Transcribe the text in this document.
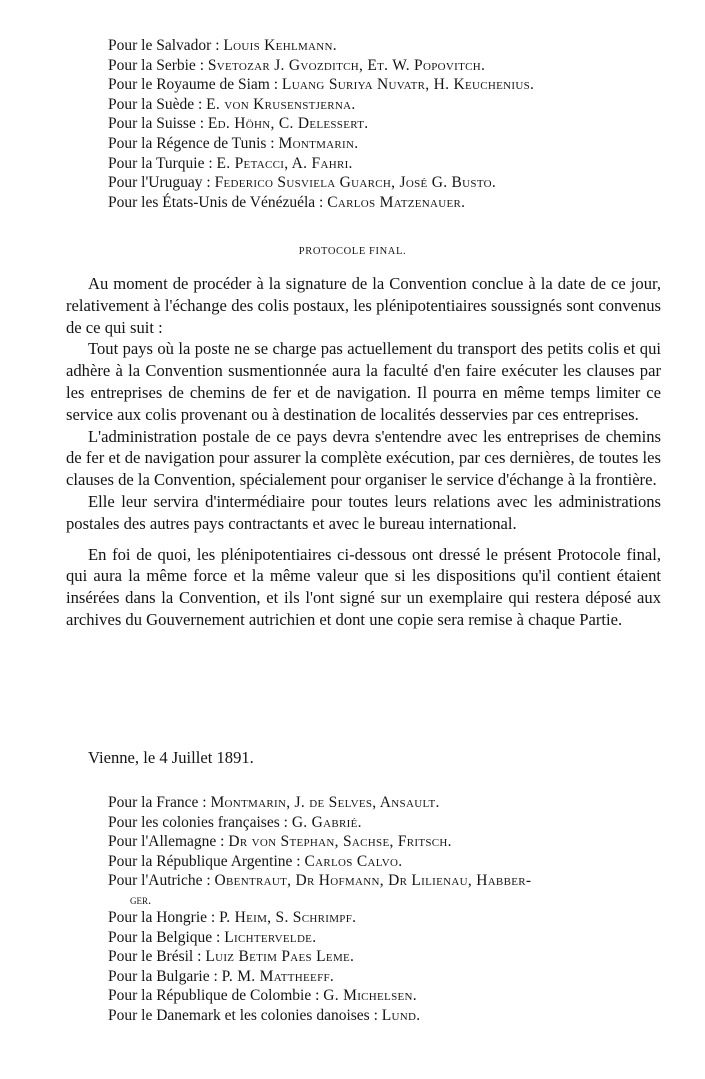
Pour le Salvador : Louis Kehlmann.
Pour la Serbie : Svetozar J. Gvozditch, Et. W. Popovitch.
Pour le Royaume de Siam : Luang Suriya Nuvatr, H. Keuchenius.
Pour la Suède : E. von Krusenstjerna.
Pour la Suisse : Ed. Höhn, C. Delessert.
Pour la Régence de Tunis : Montmarin.
Pour la Turquie : E. Petacci, A. Fahri.
Pour l'Uruguay : Federico Susviela Guarch, José G. Busto.
Pour les États-Unis de Vénézuéla : Carlos Matzenauer.
PROTOCOLE FINAL.

Au moment de procéder à la signature de la Convention conclue à la date de ce jour, relativement à l'échange des colis postaux, les plénipotentiaires soussignés sont convenus de ce qui suit :

Tout pays où la poste ne se charge pas actuellement du transport des petits colis et qui adhère à la Convention susmentionnée aura la faculté d'en faire exécuter les clauses par les entreprises de chemins de fer et de navigation. Il pourra en même temps limiter ce service aux colis provenant ou à destination de localités desservies par ces entreprises.

L'administration postale de ce pays devra s'entendre avec les entreprises de chemins de fer et de navigation pour assurer la complète exécution, par ces dernières, de toutes les clauses de la Convention, spécialement pour organiser le service d'échange à la frontière.

Elle leur servira d'intermédiaire pour toutes leurs relations avec les administrations postales des autres pays contractants et avec le bureau international.

En foi de quoi, les plénipotentiaires ci-dessous ont dressé le présent Protocole final, qui aura la même force et la même valeur que si les dispositions qu'il contient étaient insérées dans la Convention, et ils l'ont signé sur un exemplaire qui restera déposé aux archives du Gouvernement autrichien et dont une copie sera remise à chaque Partie.

Vienne, le 4 Juillet 1891.
Pour la France : Montmarin, J. de Selves, Ansault.
Pour les colonies françaises : G. Gabrié.
Pour l'Allemagne : Dr von Stephan, Sachse, Fritsch.
Pour la République Argentine : Carlos Calvo.
Pour l'Autriche : Obentraut, Dr Hofmann, Dr Lilienau, Habber-
ger.
Pour la Hongrie : P. Heim, S. Schrimpf.
Pour la Belgique : Lichtervelde.
Pour le Brésil : Luiz Betim Paes Leme.
Pour la Bulgarie : P. M. Mattheeff.
Pour la République de Colombie : G. Michelsen.
Pour le Danemark et les colonies danoises : Lund.
